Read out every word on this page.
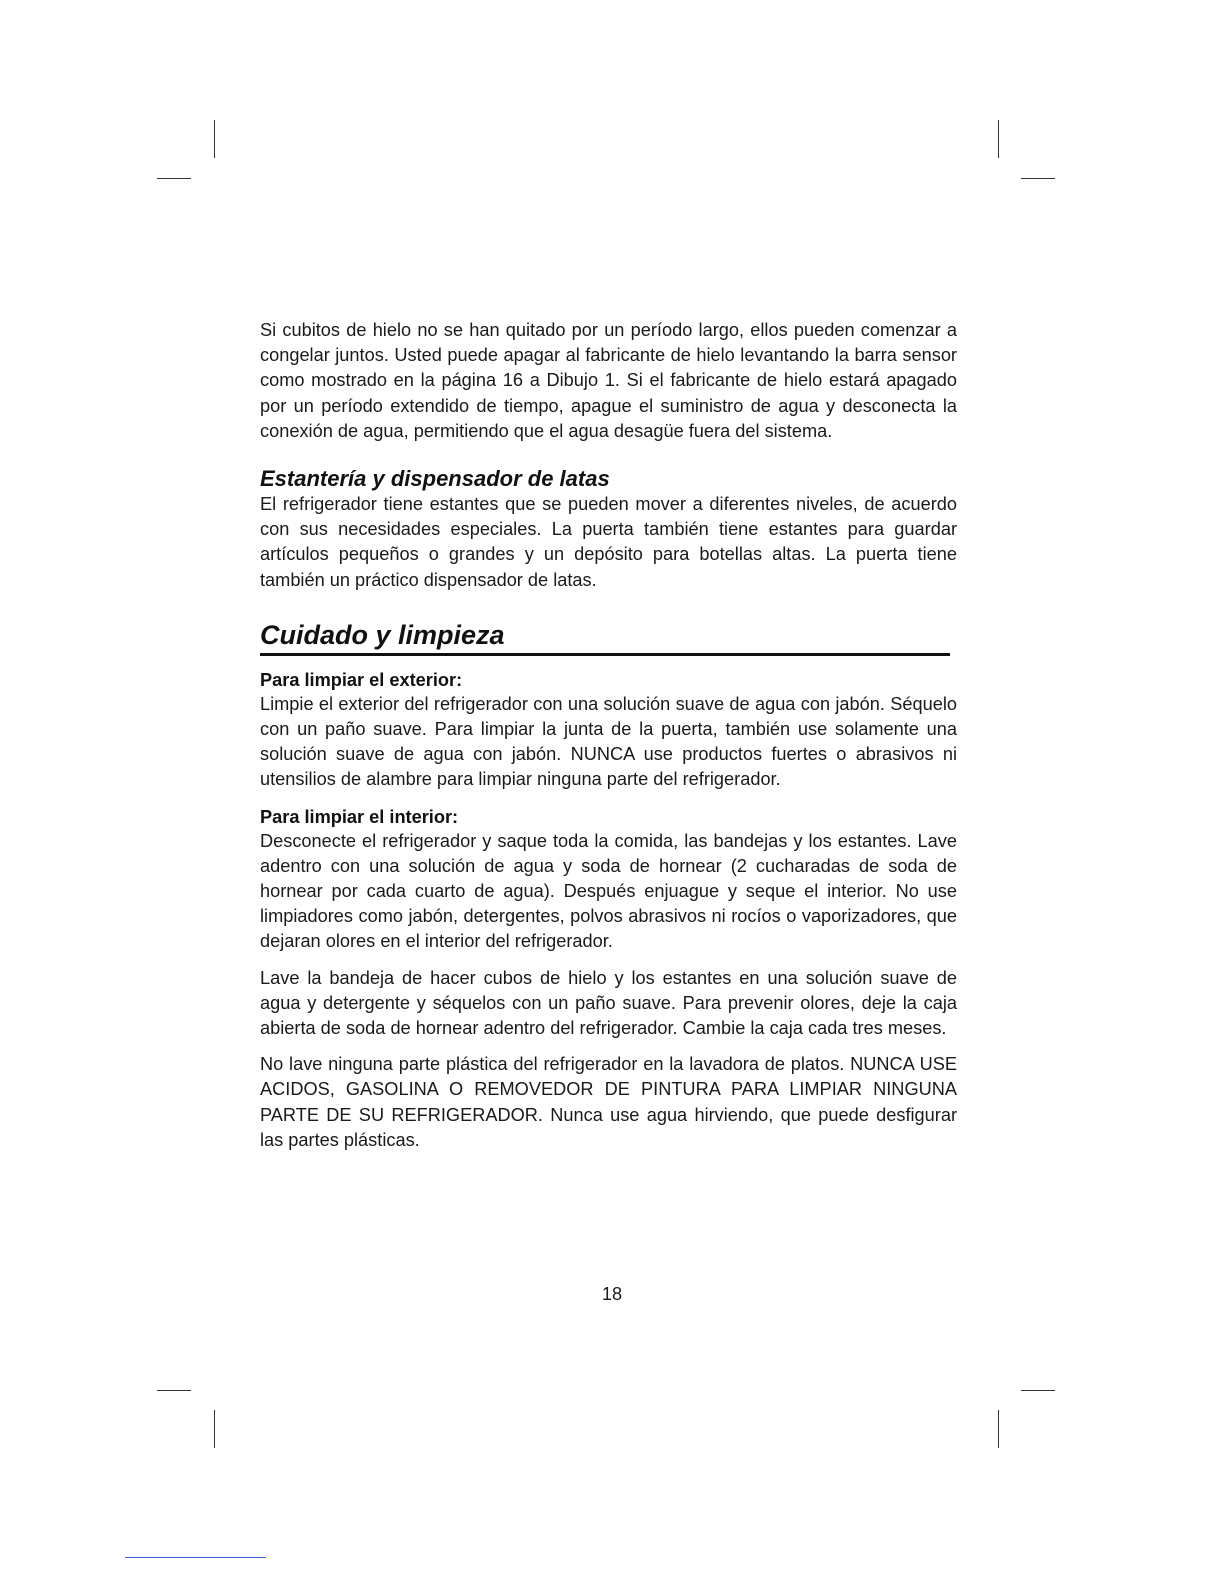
Si cubitos de hielo no se han quitado por un período largo, ellos pueden comenzar a congelar juntos. Usted puede apagar al fabricante de hielo levantando la barra sensor como mostrado en la página 16 a Dibujo 1. Si el fabricante de hielo estará apagado por un período extendido de tiempo, apague el suministro de agua y desconecta la conexión de agua, permitiendo que el agua desagüe fuera del sistema.

Estantería y dispensador de latas

El refrigerador tiene estantes que se pueden mover a diferentes niveles, de acuerdo con sus necesidades especiales. La puerta también tiene estantes para guardar artículos pequeños o grandes y un depósito para botellas altas. La puerta tiene también un práctico dispensador de latas.

Cuidado y limpieza
Para limpiar el exterior:

Limpie el exterior del refrigerador con una solución suave de agua con jabón. Séquelo con un paño suave. Para limpiar la junta de la puerta, también use solamente una solución suave de agua con jabón. NUNCA use productos fuertes o abrasivos ni utensilios de alambre para limpiar ninguna parte del refrigerador.

Para limpiar el interior:

Desconecte el refrigerador y saque toda la comida, las bandejas y los estantes. Lave adentro con una solución de agua y soda de hornear (2 cucharadas de soda de hornear por cada cuarto de agua). Después enjuague y seque el interior. No use limpiadores como jabón, detergentes, polvos abrasivos ni rocíos o vaporizadores, que dejaran olores en el interior del refrigerador.

Lave la bandeja de hacer cubos de hielo y los estantes en una solución suave de agua y detergente y séquelos con un paño suave. Para prevenir olores, deje la caja abierta de soda de hornear adentro del refrigerador. Cambie la caja cada tres meses.

No lave ninguna parte plástica del refrigerador en la lavadora de platos. NUNCA USE ACIDOS, GASOLINA O REMOVEDOR DE PINTURA PARA LIMPIAR NINGUNA PARTE DE SU REFRIGERADOR. Nunca use agua hirviendo, que puede desfigurar las partes plásticas.

18
